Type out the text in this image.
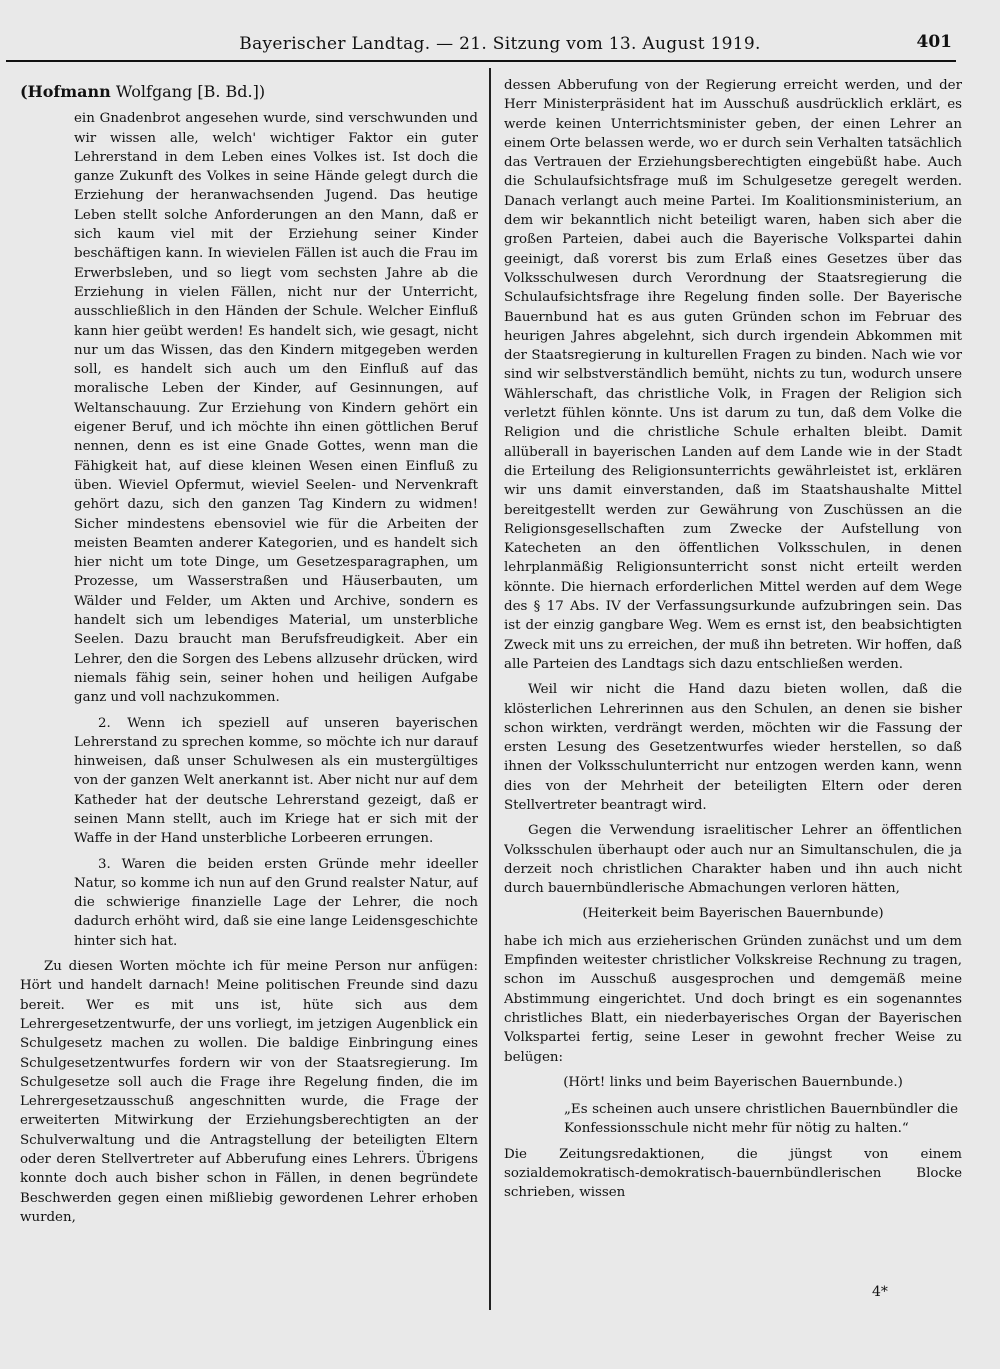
Bayerischer Landtag. — 21. Sitzung vom 13. August 1919.	401
(Hofmann Wolfgang [B. Bd.])

ein Gnadenbrot angesehen wurde, sind verschwunden und wir wissen alle, welch' wichtiger Faktor ein guter Lehrerstand in dem Leben eines Volkes ist. Ist doch die ganze Zukunft des Volkes in seine Hände gelegt durch die Erziehung der heranwachsenden Jugend. Das heutige Leben stellt solche Anforderungen an den Mann, daß er sich kaum viel mit der Erziehung seiner Kinder beschäftigen kann. In wievielen Fällen ist auch die Frau im Erwerbsleben, und so liegt vom sechsten Jahre ab die Erziehung in vielen Fällen, nicht nur der Unterricht, ausschließlich in den Händen der Schule. Welcher Einfluß kann hier geübt werden! Es handelt sich, wie gesagt, nicht nur um das Wissen, das den Kindern mitgegeben werden soll, es handelt sich auch um den Einfluß auf das moralische Leben der Kinder, auf Gesinnungen, auf Weltanschauung. Zur Erziehung von Kindern gehört ein eigener Beruf, und ich möchte ihn einen göttlichen Beruf nennen, denn es ist eine Gnade Gottes, wenn man die Fähigkeit hat, auf diese kleinen Wesen einen Einfluß zu üben. Wieviel Opfermut, wieviel Seelen- und Nervenkraft gehört dazu, sich den ganzen Tag Kindern zu widmen! Sicher mindestens ebensoviel wie für die Arbeiten der meisten Beamten anderer Kategorien, und es handelt sich hier nicht um tote Dinge, um Gesetzesparagraphen, um Prozesse, um Wasserstraßen und Häuserbauten, um Wälder und Felder, um Akten und Archive, sondern es handelt sich um lebendiges Material, um unsterbliche Seelen. Dazu braucht man Berufsfreudigkeit. Aber ein Lehrer, den die Sorgen des Lebens allzusehr drücken, wird niemals fähig sein, seiner hohen und heiligen Aufgabe ganz und voll nachzukommen.

2. Wenn ich speziell auf unseren bayerischen Lehrerstand zu sprechen komme, so möchte ich nur darauf hinweisen, daß unser Schulwesen als ein mustergültiges von der ganzen Welt anerkannt ist. Aber nicht nur auf dem Katheder hat der deutsche Lehrerstand gezeigt, daß er seinen Mann stellt, auch im Kriege hat er sich mit der Waffe in der Hand unsterbliche Lorbeeren errungen.

3. Waren die beiden ersten Gründe mehr ideeller Natur, so komme ich nun auf den Grund realster Natur, auf die schwierige finanzielle Lage der Lehrer, die noch dadurch erhöht wird, daß sie eine lange Leidensgeschichte hinter sich hat.

Zu diesen Worten möchte ich für meine Person nur anfügen: Hört und handelt darnach! Meine politischen Freunde sind dazu bereit. Wer es mit uns ist, hüte sich aus dem Lehrergesetzentwurfe, der uns vorliegt, im jetzigen Augenblick ein Schulgesetz machen zu wollen. Die baldige Einbringung eines Schulgesetzentwurfes fordern wir von der Staatsregierung. Im Schulgesetze soll auch die Frage ihre Regelung finden, die im Lehrergesetzausschuß angeschnitten wurde, die Frage der erweiterten Mitwirkung der Erziehungsberechtigten an der Schulverwaltung und die Antragstellung der beteiligten Eltern oder deren Stellvertreter auf Abberufung eines Lehrers. Übrigens konnte doch auch bisher schon in Fällen, in denen begründete Beschwerden gegen einen mißliebig gewordenen Lehrer erhoben wurden,

dessen Abberufung von der Regierung erreicht werden, und der Herr Ministerpräsident hat im Ausschuß ausdrücklich erklärt, es werde keinen Unterrichtsminister geben, der einen Lehrer an einem Orte belassen werde, wo er durch sein Verhalten tatsächlich das Vertrauen der Erziehungsberechtigten eingebüßt habe. Auch die Schulaufsichtsfrage muß im Schulgesetze geregelt werden. Danach verlangt auch meine Partei. Im Koalitionsministerium, an dem wir bekanntlich nicht beteiligt waren, haben sich aber die großen Parteien, dabei auch die Bayerische Volkspartei dahin geeinigt, daß vorerst bis zum Erlaß eines Gesetzes über das Volksschulwesen durch Verordnung der Staatsregierung die Schulaufsichtsfrage ihre Regelung finden solle. Der Bayerische Bauernbund hat es aus guten Gründen schon im Februar des heurigen Jahres abgelehnt, sich durch irgendein Abkommen mit der Staatsregierung in kulturellen Fragen zu binden. Nach wie vor sind wir selbstverständlich bemüht, nichts zu tun, wodurch unsere Wählerschaft, das christliche Volk, in Fragen der Religion sich verletzt fühlen könnte. Uns ist darum zu tun, daß dem Volke die Religion und die christliche Schule erhalten bleibt. Damit allüberall in bayerischen Landen auf dem Lande wie in der Stadt die Erteilung des Religionsunterrichts gewährleistet ist, erklären wir uns damit einverstanden, daß im Staatshaushalte Mittel bereitgestellt werden zur Gewährung von Zuschüssen an die Religionsgesellschaften zum Zwecke der Aufstellung von Katecheten an den öffentlichen Volksschulen, in denen lehrplanmäßig Religionsunterricht sonst nicht erteilt werden könnte. Die hiernach erforderlichen Mittel werden auf dem Wege des § 17 Abs. IV der Verfassungsurkunde aufzubringen sein. Das ist der einzig gangbare Weg. Wem es ernst ist, den beabsichtigten Zweck mit uns zu erreichen, der muß ihn betreten. Wir hoffen, daß alle Parteien des Landtags sich dazu entschließen werden.

Weil wir nicht die Hand dazu bieten wollen, daß die klösterlichen Lehrerinnen aus den Schulen, an denen sie bisher schon wirkten, verdrängt werden, möchten wir die Fassung der ersten Lesung des Gesetzentwurfes wieder herstellen, so daß ihnen der Volksschulunterricht nur entzogen werden kann, wenn dies von der Mehrheit der beteiligten Eltern oder deren Stellvertreter beantragt wird.

Gegen die Verwendung israelitischer Lehrer an öffentlichen Volksschulen überhaupt oder auch nur an Simultanschulen, die ja derzeit noch christlichen Charakter haben und ihn auch nicht durch bauernbündlerische Abmachungen verloren hätten,

(Heiterkeit beim Bayerischen Bauernbunde)

habe ich mich aus erzieherischen Gründen zunächst und um dem Empfinden weitester christlicher Volkskreise Rechnung zu tragen, schon im Ausschuß ausgesprochen und demgemäß meine Abstimmung eingerichtet. Und doch bringt es ein sogenanntes christliches Blatt, ein niederbayerisches Organ der Bayerischen Volkspartei fertig, seine Leser in gewohnt frecher Weise zu belügen:

(Hört! links und beim Bayerischen Bauernbunde.)

„Es scheinen auch unsere christlichen Bauernbündler die Konfessionsschule nicht mehr für nötig zu halten.“

Die Zeitungsredaktionen, die jüngst von einem sozialdemokratisch-demokratisch-bauernbündlerischen Blocke schrieben, wissen

4*
